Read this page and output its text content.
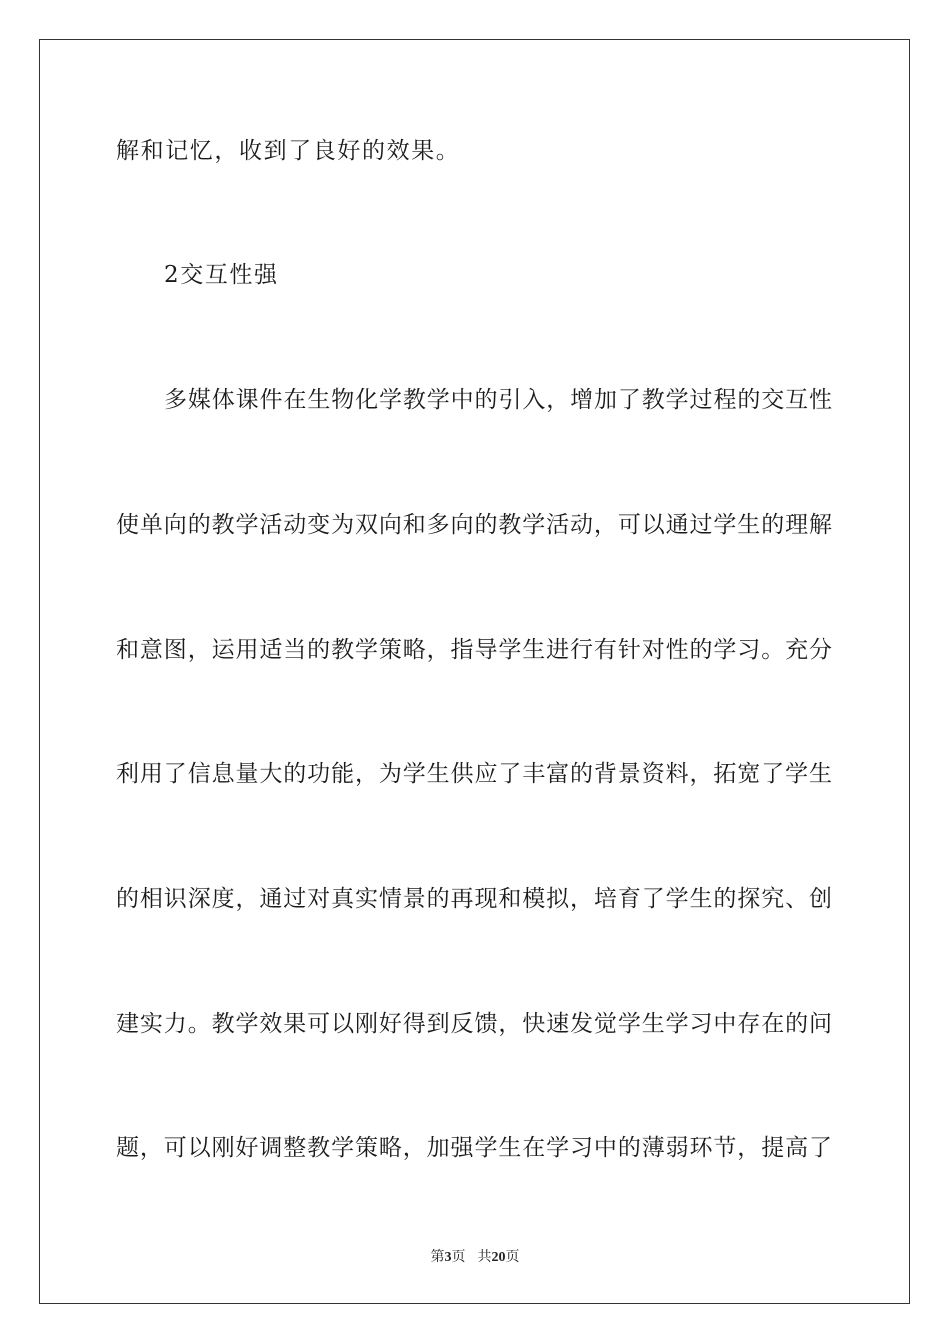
解和记忆，收到了良好的效果。
2交互性强
多媒体课件在生物化学教学中的引入，增加了教学过程的交互性
使单向的教学活动变为双向和多向的教学活动，可以通过学生的理解
和意图，运用适当的教学策略，指导学生进行有针对性的学习。充分
利用了信息量大的功能，为学生供应了丰富的背景资料，拓宽了学生
的相识深度，通过对真实情景的再现和模拟，培育了学生的探究、创
建实力。教学效果可以刚好得到反馈，快速发觉学生学习中存在的问
题，可以刚好调整教学策略，加强学生在学习中的薄弱环节，提高了
第3页 共20页
